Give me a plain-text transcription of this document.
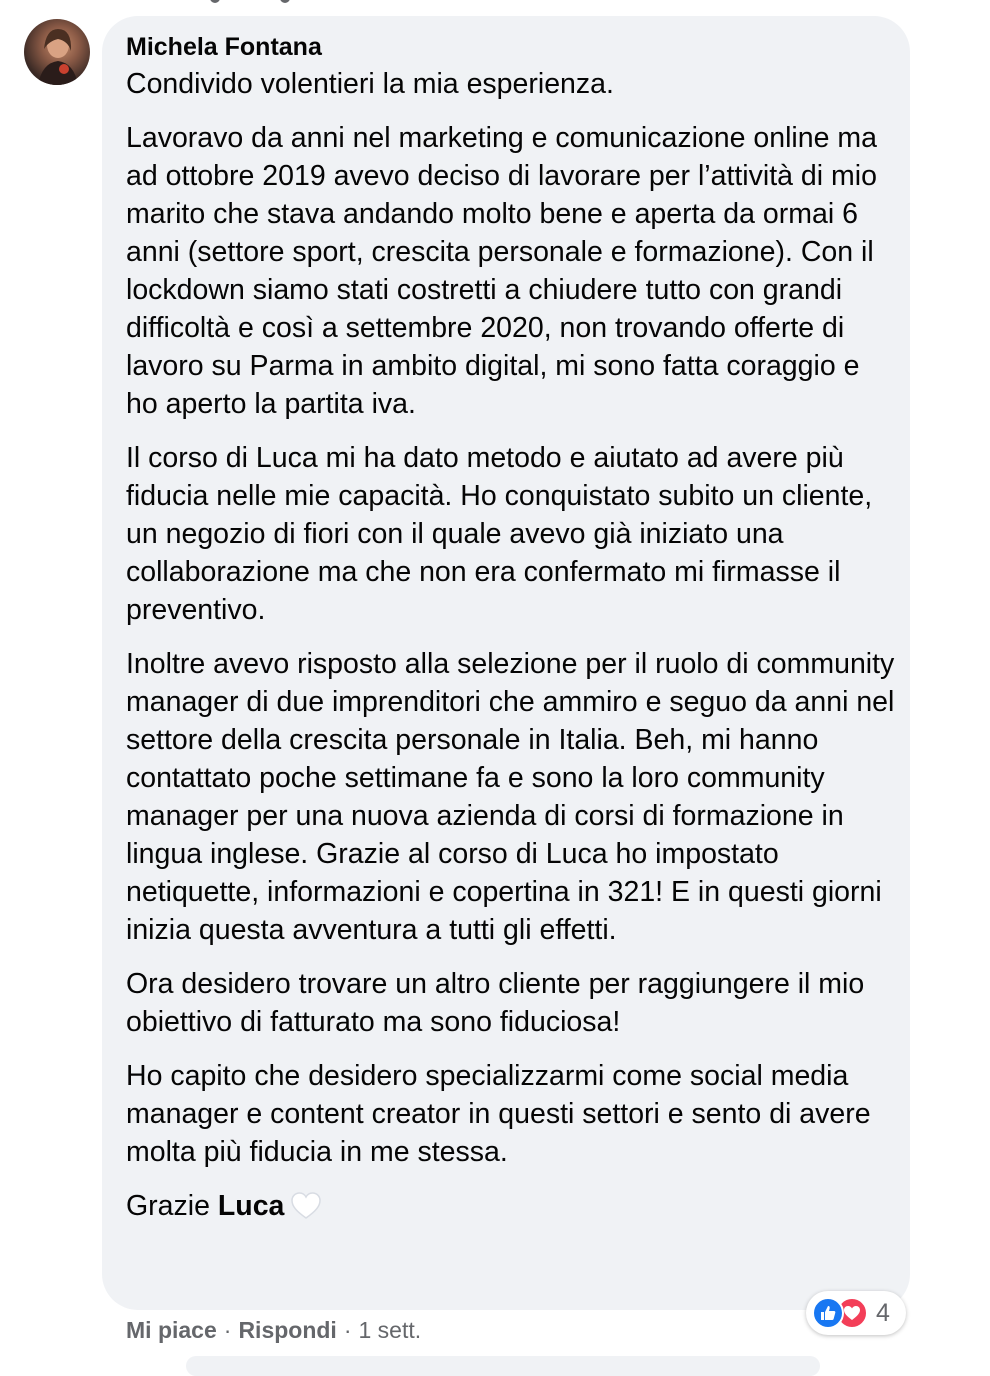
Michela Fontana

Condivido volentieri la mia esperienza.

Lavoravo da anni nel marketing e comunicazione online ma ad ottobre 2019 avevo deciso di lavorare per l’attività di mio marito che stava andando molto bene e aperta da ormai 6 anni (settore sport, crescita personale e formazione). Con il lockdown siamo stati costretti a chiudere tutto con grandi difficoltà e così a settembre 2020, non trovando offerte di lavoro su Parma in ambito digital, mi sono fatta coraggio e ho aperto la partita iva.

Il corso di Luca mi ha dato metodo e aiutato ad avere più fiducia nelle mie capacità. Ho conquistato subito un cliente, un negozio di fiori con il quale avevo già iniziato una collaborazione ma che non era confermato mi firmasse il preventivo.

Inoltre avevo risposto alla selezione per il ruolo di community manager di due imprenditori che ammiro e seguo da anni nel settore della crescita personale in Italia. Beh, mi hanno contattato poche settimane fa e sono la loro community manager per una nuova azienda di corsi di formazione in lingua inglese. Grazie al corso di Luca ho impostato netiquette, informazioni e copertina in 321! E in questi giorni inizia questa avventura a tutti gli effetti.

Ora desidero trovare un altro cliente per raggiungere il mio obiettivo di fatturato ma sono fiduciosa!

Ho capito che desidero specializzarmi come social media manager e content creator in questi settori e sento di avere molta più fiducia in me stessa.

Grazie Luca

4
Mi piace · Rispondi · 1 sett.
